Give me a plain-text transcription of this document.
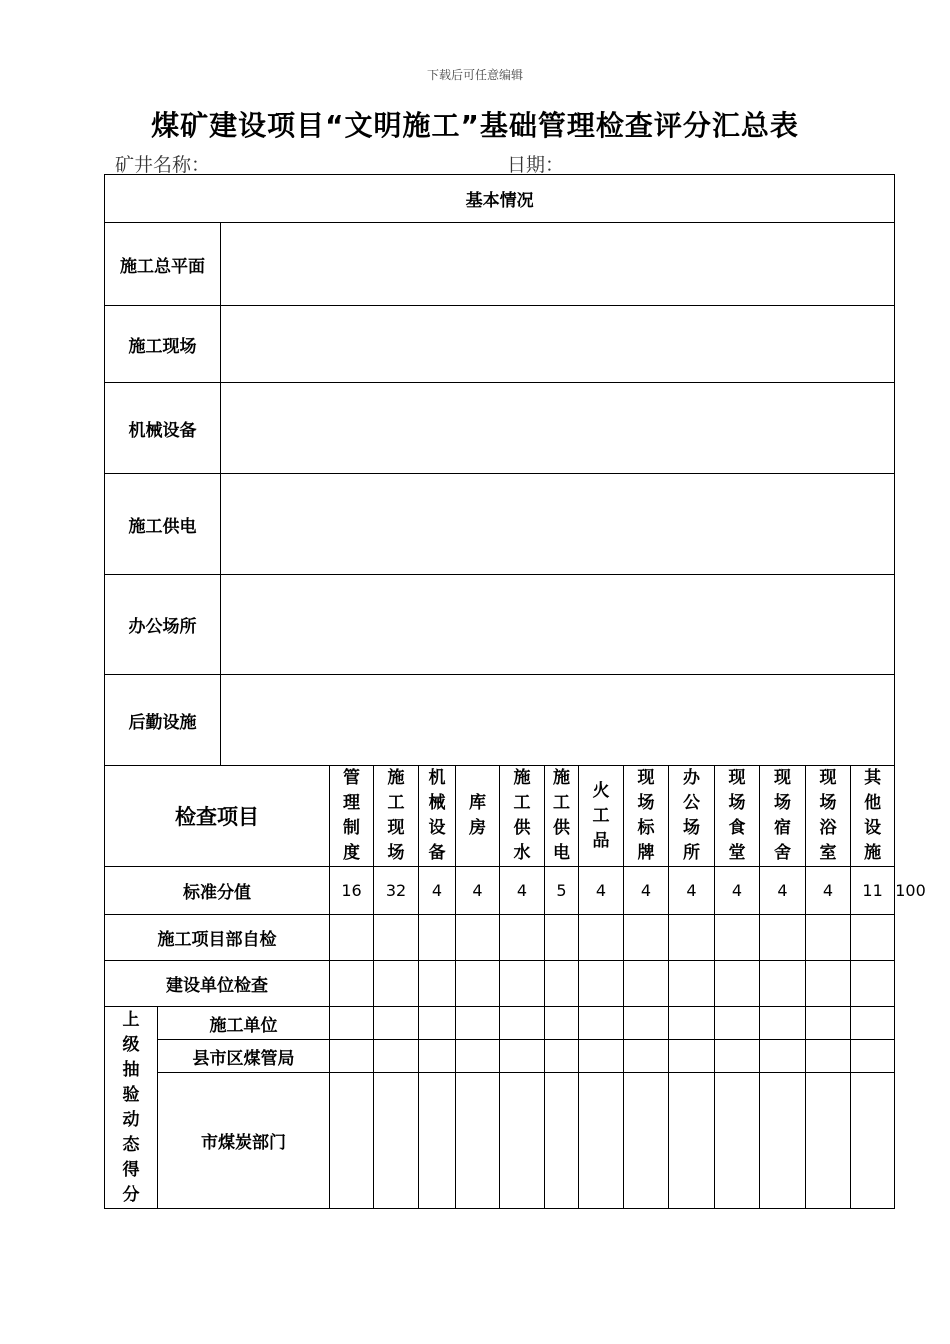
下载后可任意编辑
煤矿建设项目“文明施工”基础管理检查评分汇总表
矿井名称：	日期：
基本情况																
施工总平面																
施工现场																
机械设备																
施工供电																
办公场所																
后勤设施																
检查项目			管理制度	施工现场	机械设备	库房	施工供水	施工供电	火工品	现场标牌	办公场所	现场食堂	现场宿舍	现场浴室	其他设施	
标准分值			16	32	4	4	4	5	4	4	4	4	4	4	11	100
施工项目部自检																
建设单位检查																
上级抽验动态得分	施工单位															
	县市区煤管局															
	市煤炭部门															
